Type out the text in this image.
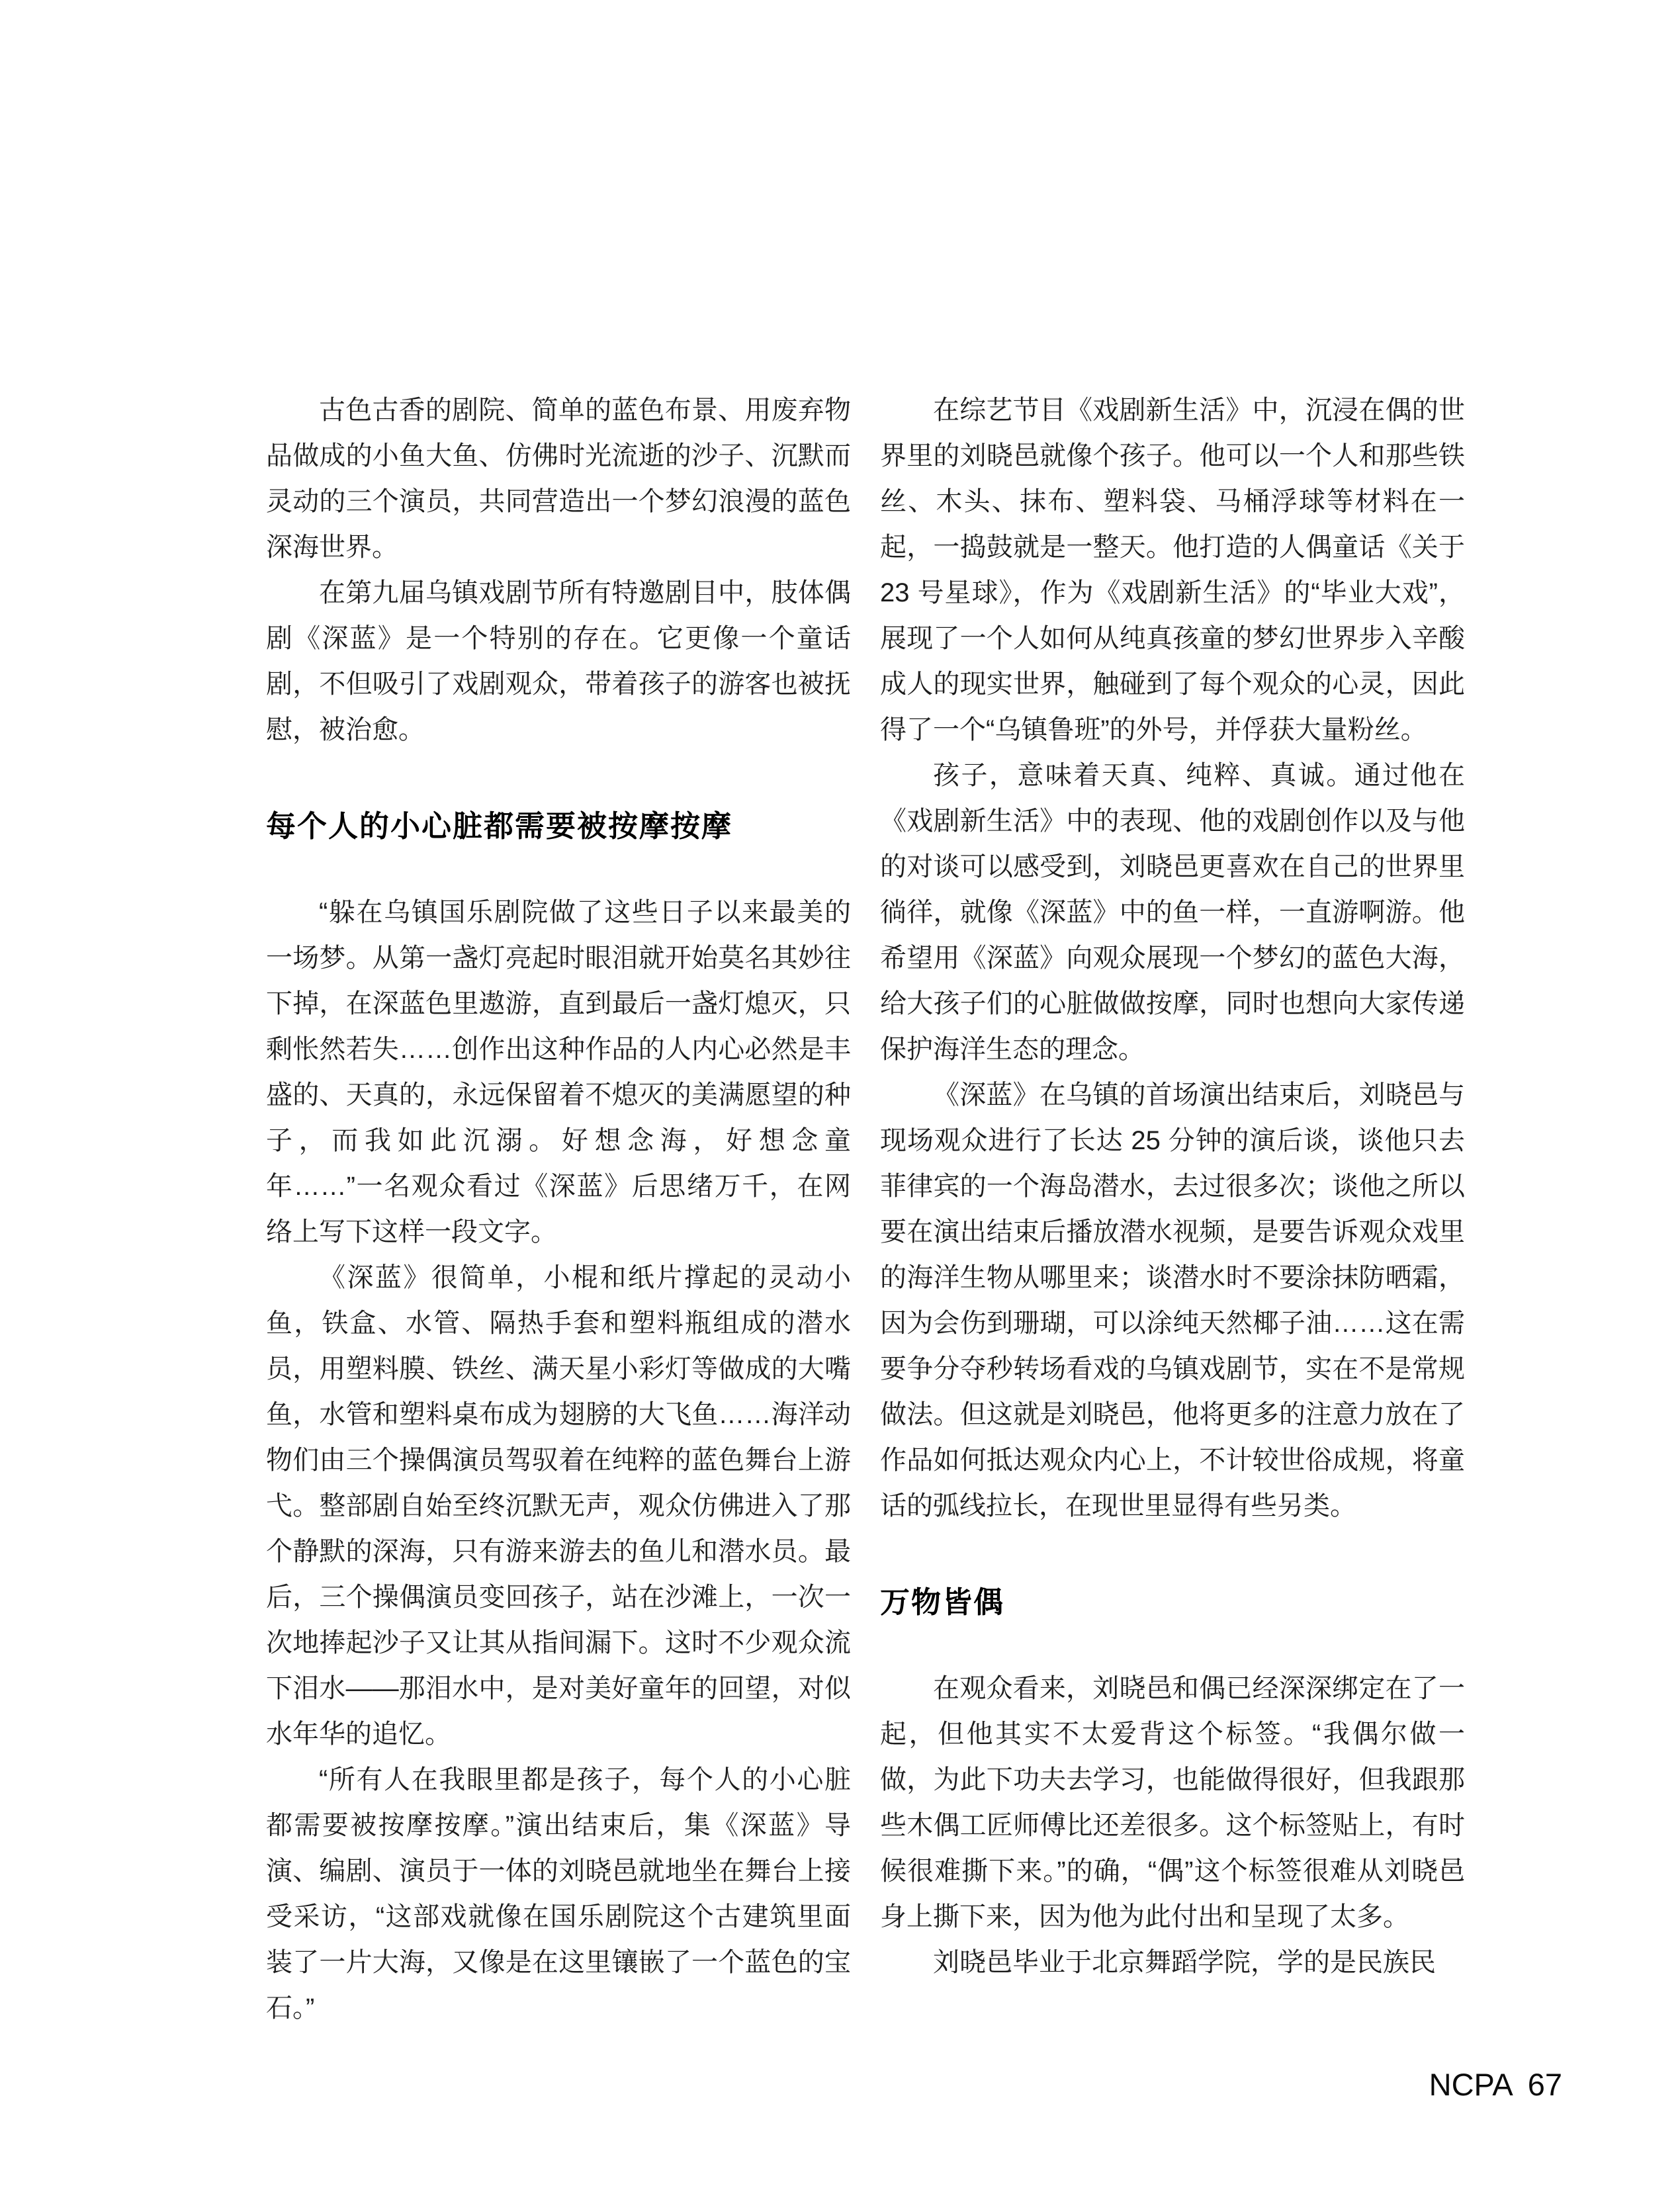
古色古香的剧院、简单的蓝色布景、用废弃物品做成的小鱼大鱼、仿佛时光流逝的沙子、沉默而灵动的三个演员，共同营造出一个梦幻浪漫的蓝色深海世界。

在第九届乌镇戏剧节所有特邀剧目中，肢体偶剧《深蓝》是一个特别的存在。它更像一个童话剧，不但吸引了戏剧观众，带着孩子的游客也被抚慰，被治愈。

每个人的小心脏都需要被按摩按摩

“躲在乌镇国乐剧院做了这些日子以来最美的一场梦。从第一盏灯亮起时眼泪就开始莫名其妙往下掉，在深蓝色里遨游，直到最后一盏灯熄灭，只剩怅然若失……创作出这种作品的人内心必然是丰盛的、天真的，永远保留着不熄灭的美满愿望的种子，而我如此沉溺。好想念海，好想念童年……”一名观众看过《深蓝》后思绪万千，在网络上写下这样一段文字。

《深蓝》很简单，小棍和纸片撑起的灵动小鱼，铁盒、水管、隔热手套和塑料瓶组成的潜水员，用塑料膜、铁丝、满天星小彩灯等做成的大嘴鱼，水管和塑料桌布成为翅膀的大飞鱼……海洋动物们由三个操偶演员驾驭着在纯粹的蓝色舞台上游弋。整部剧自始至终沉默无声，观众仿佛进入了那个静默的深海，只有游来游去的鱼儿和潜水员。最后，三个操偶演员变回孩子，站在沙滩上，一次一次地捧起沙子又让其从指间漏下。这时不少观众流下泪水——那泪水中，是对美好童年的回望，对似水年华的追忆。

“所有人在我眼里都是孩子，每个人的小心脏都需要被按摩按摩。”演出结束后，集《深蓝》导演、编剧、演员于一体的刘晓邑就地坐在舞台上接受采访，“这部戏就像在国乐剧院这个古建筑里面装了一片大海，又像是在这里镶嵌了一个蓝色的宝石。”

在综艺节目《戏剧新生活》中，沉浸在偶的世界里的刘晓邑就像个孩子。他可以一个人和那些铁丝、木头、抹布、塑料袋、马桶浮球等材料在一起，一捣鼓就是一整天。他打造的人偶童话《关于23 号星球》，作为《戏剧新生活》的“毕业大戏”，展现了一个人如何从纯真孩童的梦幻世界步入辛酸成人的现实世界，触碰到了每个观众的心灵，因此得了一个“乌镇鲁班”的外号，并俘获大量粉丝。

孩子，意味着天真、纯粹、真诚。通过他在《戏剧新生活》中的表现、他的戏剧创作以及与他的对谈可以感受到，刘晓邑更喜欢在自己的世界里徜徉，就像《深蓝》中的鱼一样，一直游啊游。他希望用《深蓝》向观众展现一个梦幻的蓝色大海，给大孩子们的心脏做做按摩，同时也想向大家传递保护海洋生态的理念。

《深蓝》在乌镇的首场演出结束后，刘晓邑与现场观众进行了长达 25 分钟的演后谈，谈他只去菲律宾的一个海岛潜水，去过很多次；谈他之所以要在演出结束后播放潜水视频，是要告诉观众戏里的海洋生物从哪里来；谈潜水时不要涂抹防晒霜，因为会伤到珊瑚，可以涂纯天然椰子油……这在需要争分夺秒转场看戏的乌镇戏剧节，实在不是常规做法。但这就是刘晓邑，他将更多的注意力放在了作品如何抵达观众内心上，不计较世俗成规，将童话的弧线拉长，在现世里显得有些另类。

万物皆偶

在观众看来，刘晓邑和偶已经深深绑定在了一起，但他其实不太爱背这个标签。“我偶尔做一做，为此下功夫去学习，也能做得很好，但我跟那些木偶工匠师傅比还差很多。这个标签贴上，有时候很难撕下来。”的确，“偶”这个标签很难从刘晓邑身上撕下来，因为他为此付出和呈现了太多。

刘晓邑毕业于北京舞蹈学院，学的是民族民

NCPA 67
